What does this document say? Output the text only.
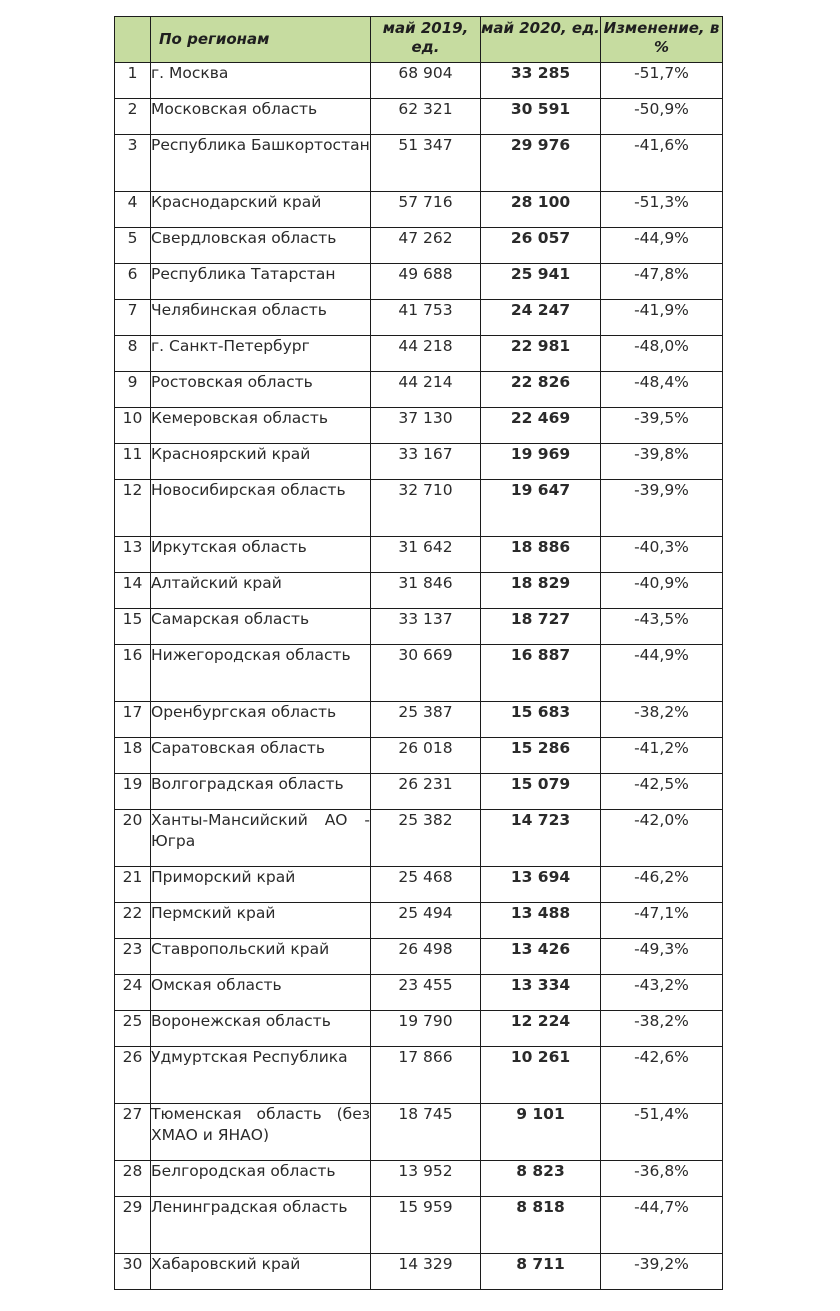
	По регионам	май 2019, ед.	май 2020, ед.	Изменение, в %
1	г. Москва	68 904	33 285	-51,7%
2	Московская область	62 321	30 591	-50,9%
3	Республика Башкортостан	51 347	29 976	-41,6%
4	Краснодарский край	57 716	28 100	-51,3%
5	Свердловская область	47 262	26 057	-44,9%
6	Республика Татарстан	49 688	25 941	-47,8%
7	Челябинская область	41 753	24 247	-41,9%
8	г. Санкт-Петербург	44 218	22 981	-48,0%
9	Ростовская область	44 214	22 826	-48,4%
10	Кемеровская область	37 130	22 469	-39,5%
11	Красноярский край	33 167	19 969	-39,8%
12	Новосибирская область	32 710	19 647	-39,9%
13	Иркутская область	31 642	18 886	-40,3%
14	Алтайский край	31 846	18 829	-40,9%
15	Самарская область	33 137	18 727	-43,5%
16	Нижегородская область	30 669	16 887	-44,9%
17	Оренбургская область	25 387	15 683	-38,2%
18	Саратовская область	26 018	15 286	-41,2%
19	Волгоградская область	26 231	15 079	-42,5%
20	Ханты-Мансийский АО - Югра	25 382	14 723	-42,0%
21	Приморский край	25 468	13 694	-46,2%
22	Пермский край	25 494	13 488	-47,1%
23	Ставропольский край	26 498	13 426	-49,3%
24	Омская область	23 455	13 334	-43,2%
25	Воронежская область	19 790	12 224	-38,2%
26	Удмуртская Республика	17 866	10 261	-42,6%
27	Тюменская область (без ХМАО и ЯНАО)	18 745	9 101	-51,4%
28	Белгородская область	13 952	8 823	-36,8%
29	Ленинградская область	15 959	8 818	-44,7%
30	Хабаровский край	14 329	8 711	-39,2%
